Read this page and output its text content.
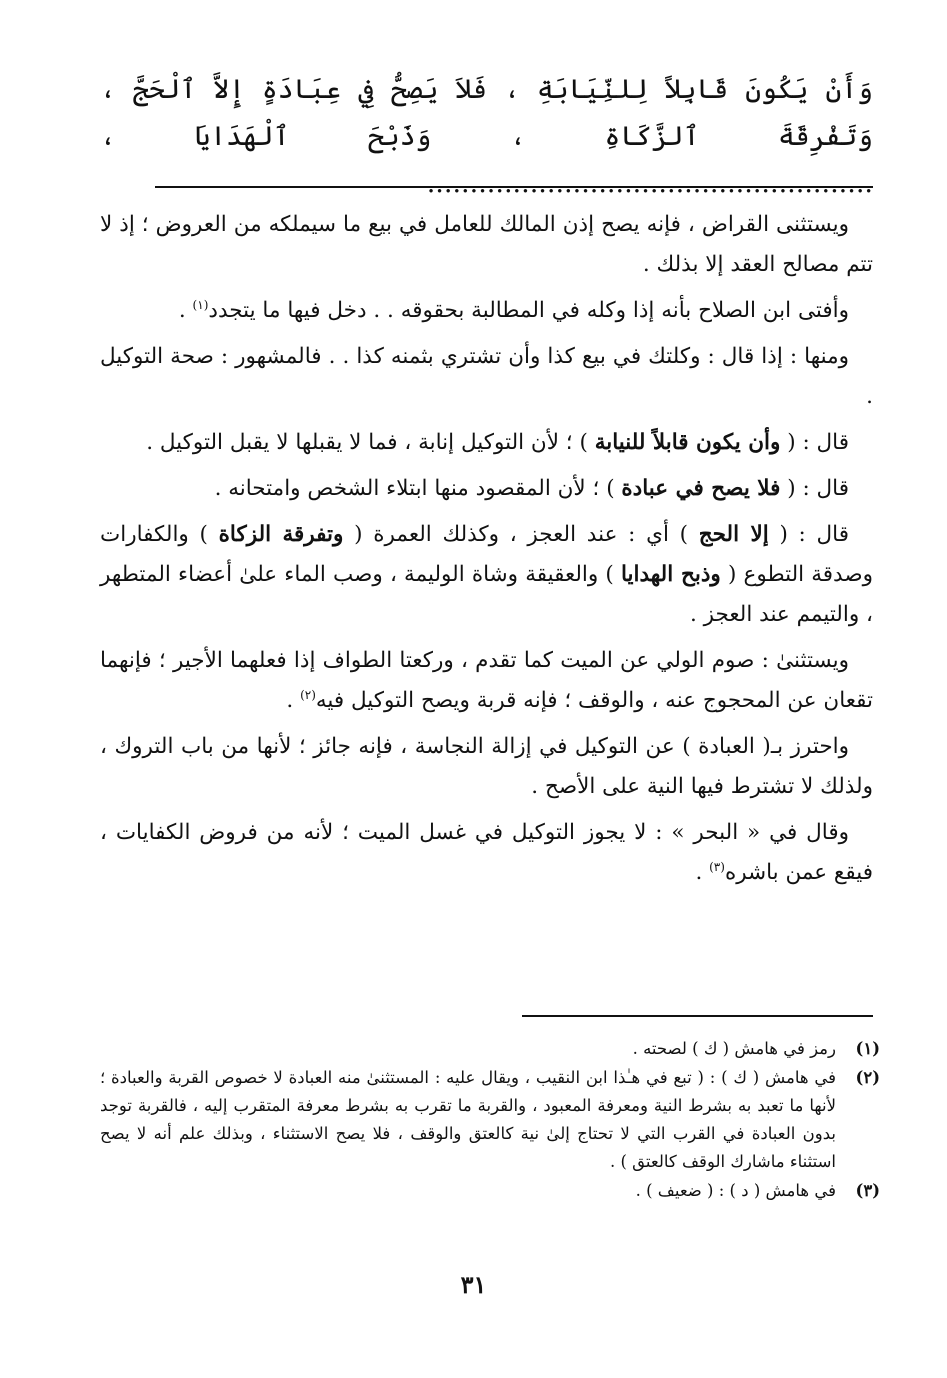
وَأَنْ يَكُونَ قَابِلاً لِلنِّيَابَةِ ، فَلاَ يَصِحُّ فِي عِبَادَةٍ إِلاَّ ٱلْحَجَّ ، وَتَفْرِقَةَ ٱلزَّكَاةِ ، وَذَبْحَ ٱلْهَدَايَا ، ....................................................

ويستثنى القراض ، فإنه يصح إذن المالك للعامل في بيع ما سيملكه من العروض ؛ إذ لا تتم مصالح العقد إلا بذلك .

وأفتى ابن الصلاح بأنه إذا وكله في المطالبة بحقوقه . . دخل فيها ما يتجدد$^{(١)}$ .

ومنها : إذا قال : وكلتك في بيع كذا وأن تشتري بثمنه كذا . . فالمشهور : صحة التوكيل .

قال : ( وأن يكون قابلاً للنيابة ) ؛ لأن التوكيل إنابة ، فما لا يقبلها لا يقبل التوكيل .

قال : ( فلا يصح في عبادة ) ؛ لأن المقصود منها ابتلاء الشخص وامتحانه .

قال : ( إلا الحج ) أي : عند العجز ، وكذلك العمرة ( وتفرقة الزكاة ) والكفارات وصدقة التطوع ( وذبح الهدايا ) والعقيقة وشاة الوليمة ، وصب الماء علىٰ أعضاء المتطهر ، والتيمم عند العجز .

ويستثنىٰ : صوم الولي عن الميت كما تقدم ، وركعتا الطواف إذا فعلهما الأجير ؛ فإنهما تقعان عن المحجوج عنه ، والوقف ؛ فإنه قربة ويصح التوكيل فيه$^{(٢)}$ .

واحترز بـ( العبادة ) عن التوكيل في إزالة النجاسة ، فإنه جائز ؛ لأنها من باب التروك ، ولذلك لا تشترط فيها النية على الأصح .

وقال في « البحر » : لا يجوز التوكيل في غسل الميت ؛ لأنه من فروض الكفايات ، فيقع عمن باشره$^{(٣)}$ .

(١)
رمز في هامش ( ك ) لصحته .
(٢)
في هامش ( ك ) : ( تبع في هـٰذا ابن النقيب ، ويقال عليه : المستثنىٰ منه العبادة لا خصوص القربة والعبادة ؛ لأنها ما تعبد به بشرط النية ومعرفة المعبود ، والقربة ما تقرب به بشرط معرفة المتقرب إليه ، فالقربة توجد بدون العبادة في القرب التي لا تحتاج إلىٰ نية كالعتق والوقف ، فلا يصح الاستثناء ، وبذلك علم أنه لا يصح استثناء ماشارك الوقف كالعتق ) .
(٣)
في هامش ( د ) : ( ضعيف ) .
٣١
